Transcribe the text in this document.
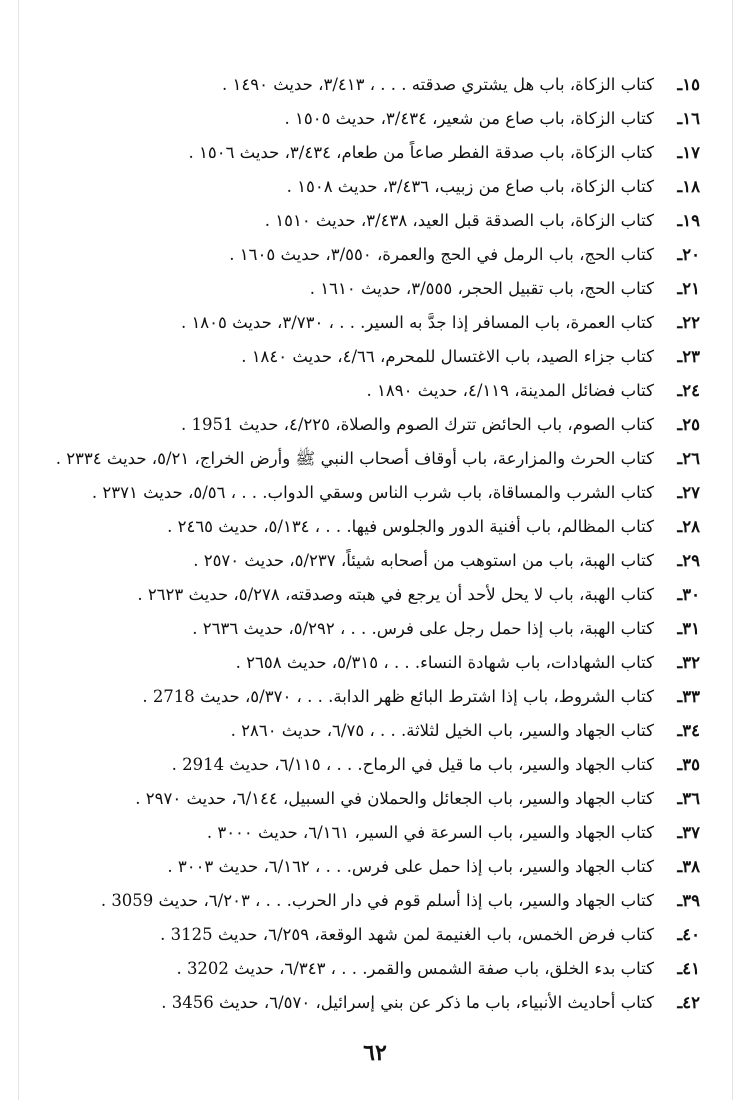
١٥ـكتاب الزكاة، باب هل يشتري صدقته . . . ، ٣/٤١٣، حديث ١٤٩٠ .
١٦ـكتاب الزكاة، باب صاع من شعير، ٣/٤٣٤، حديث ١٥٠٥ .
١٧ـكتاب الزكاة، باب صدقة الفطر صاعاً من طعام، ٣/٤٣٤، حديث ١٥٠٦ .
١٨ـكتاب الزكاة، باب صاع من زبيب، ٣/٤٣٦، حديث ١٥٠٨ .
١٩ـكتاب الزكاة، باب الصدقة قبل العيد، ٣/٤٣٨، حديث ١٥١٠ .
٢٠ـكتاب الحج، باب الرمل في الحج والعمرة، ٣/٥٥٠، حديث ١٦٠٥ .
٢١ـكتاب الحج، باب تقبيل الحجر، ٣/٥٥٥، حديث ١٦١٠ .
٢٢ـكتاب العمرة، باب المسافر إذا جدَّ به السير. . . ، ٣/٧٣٠، حديث ١٨٠٥ .
٢٣ـكتاب جزاء الصيد، باب الاغتسال للمحرم، ٤/٦٦، حديث ١٨٤٠ .
٢٤ـكتاب فضائل المدينة، ٤/١١٩، حديث ١٨٩٠ .
٢٥ـكتاب الصوم، باب الحائض تترك الصوم والصلاة، ٤/٢٢٥، حديث 1951 .
٢٦ـكتاب الحرث والمزارعة، باب أوقاف أصحاب النبي ﷺ وأرض الخراج، ٥/٢١، حديث ٢٣٣٤ .
٢٧ـكتاب الشرب والمساقاة، باب شرب الناس وسقي الدواب. . . ، ٥/٥٦، حديث ٢٣٧١ .
٢٨ـكتاب المظالم، باب أفنية الدور والجلوس فيها. . . ، ٥/١٣٤، حديث ٢٤٦٥ .
٢٩ـكتاب الهبة، باب من استوهب من أصحابه شيئاً، ٥/٢٣٧، حديث ٢٥٧٠ .
٣٠ـكتاب الهبة، باب لا يحل لأحد أن يرجع في هبته وصدقته، ٥/٢٧٨، حديث ٢٦٢٣ .
٣١ـكتاب الهبة، باب إذا حمل رجل على فرس. . . ، ٥/٢٩٢، حديث ٢٦٣٦ .
٣٢ـكتاب الشهادات، باب شهادة النساء. . . ، ٥/٣١٥، حديث ٢٦٥٨ .
٣٣ـكتاب الشروط، باب إذا اشترط البائع ظهر الدابة. . . ، ٥/٣٧٠، حديث 2718 .
٣٤ـكتاب الجهاد والسير، باب الخيل لثلاثة. . . ، ٦/٧٥، حديث ٢٨٦٠ .
٣٥ـكتاب الجهاد والسير، باب ما قيل في الرماح. . . ، ٦/١١٥، حديث 2914 .
٣٦ـكتاب الجهاد والسير، باب الجعائل والحملان في السبيل، ٦/١٤٤، حديث ٢٩٧٠ .
٣٧ـكتاب الجهاد والسير، باب السرعة في السير، ٦/١٦١، حديث ٣٠٠٠ .
٣٨ـكتاب الجهاد والسير، باب إذا حمل على فرس. . . ، ٦/١٦٢، حديث ٣٠٠٣ .
٣٩ـكتاب الجهاد والسير، باب إذا أسلم قوم في دار الحرب. . . ، ٦/٢٠٣، حديث 3059 .
٤٠ـكتاب فرض الخمس، باب الغنيمة لمن شهد الوقعة، ٦/٢٥٩، حديث 3125 .
٤١ـكتاب بدء الخلق، باب صفة الشمس والقمر. . . ، ٦/٣٤٣، حديث 3202 .
٤٢ـكتاب أحاديث الأنبياء، باب ما ذكر عن بني إسرائيل، ٦/٥٧٠، حديث 3456 .
٦٢
